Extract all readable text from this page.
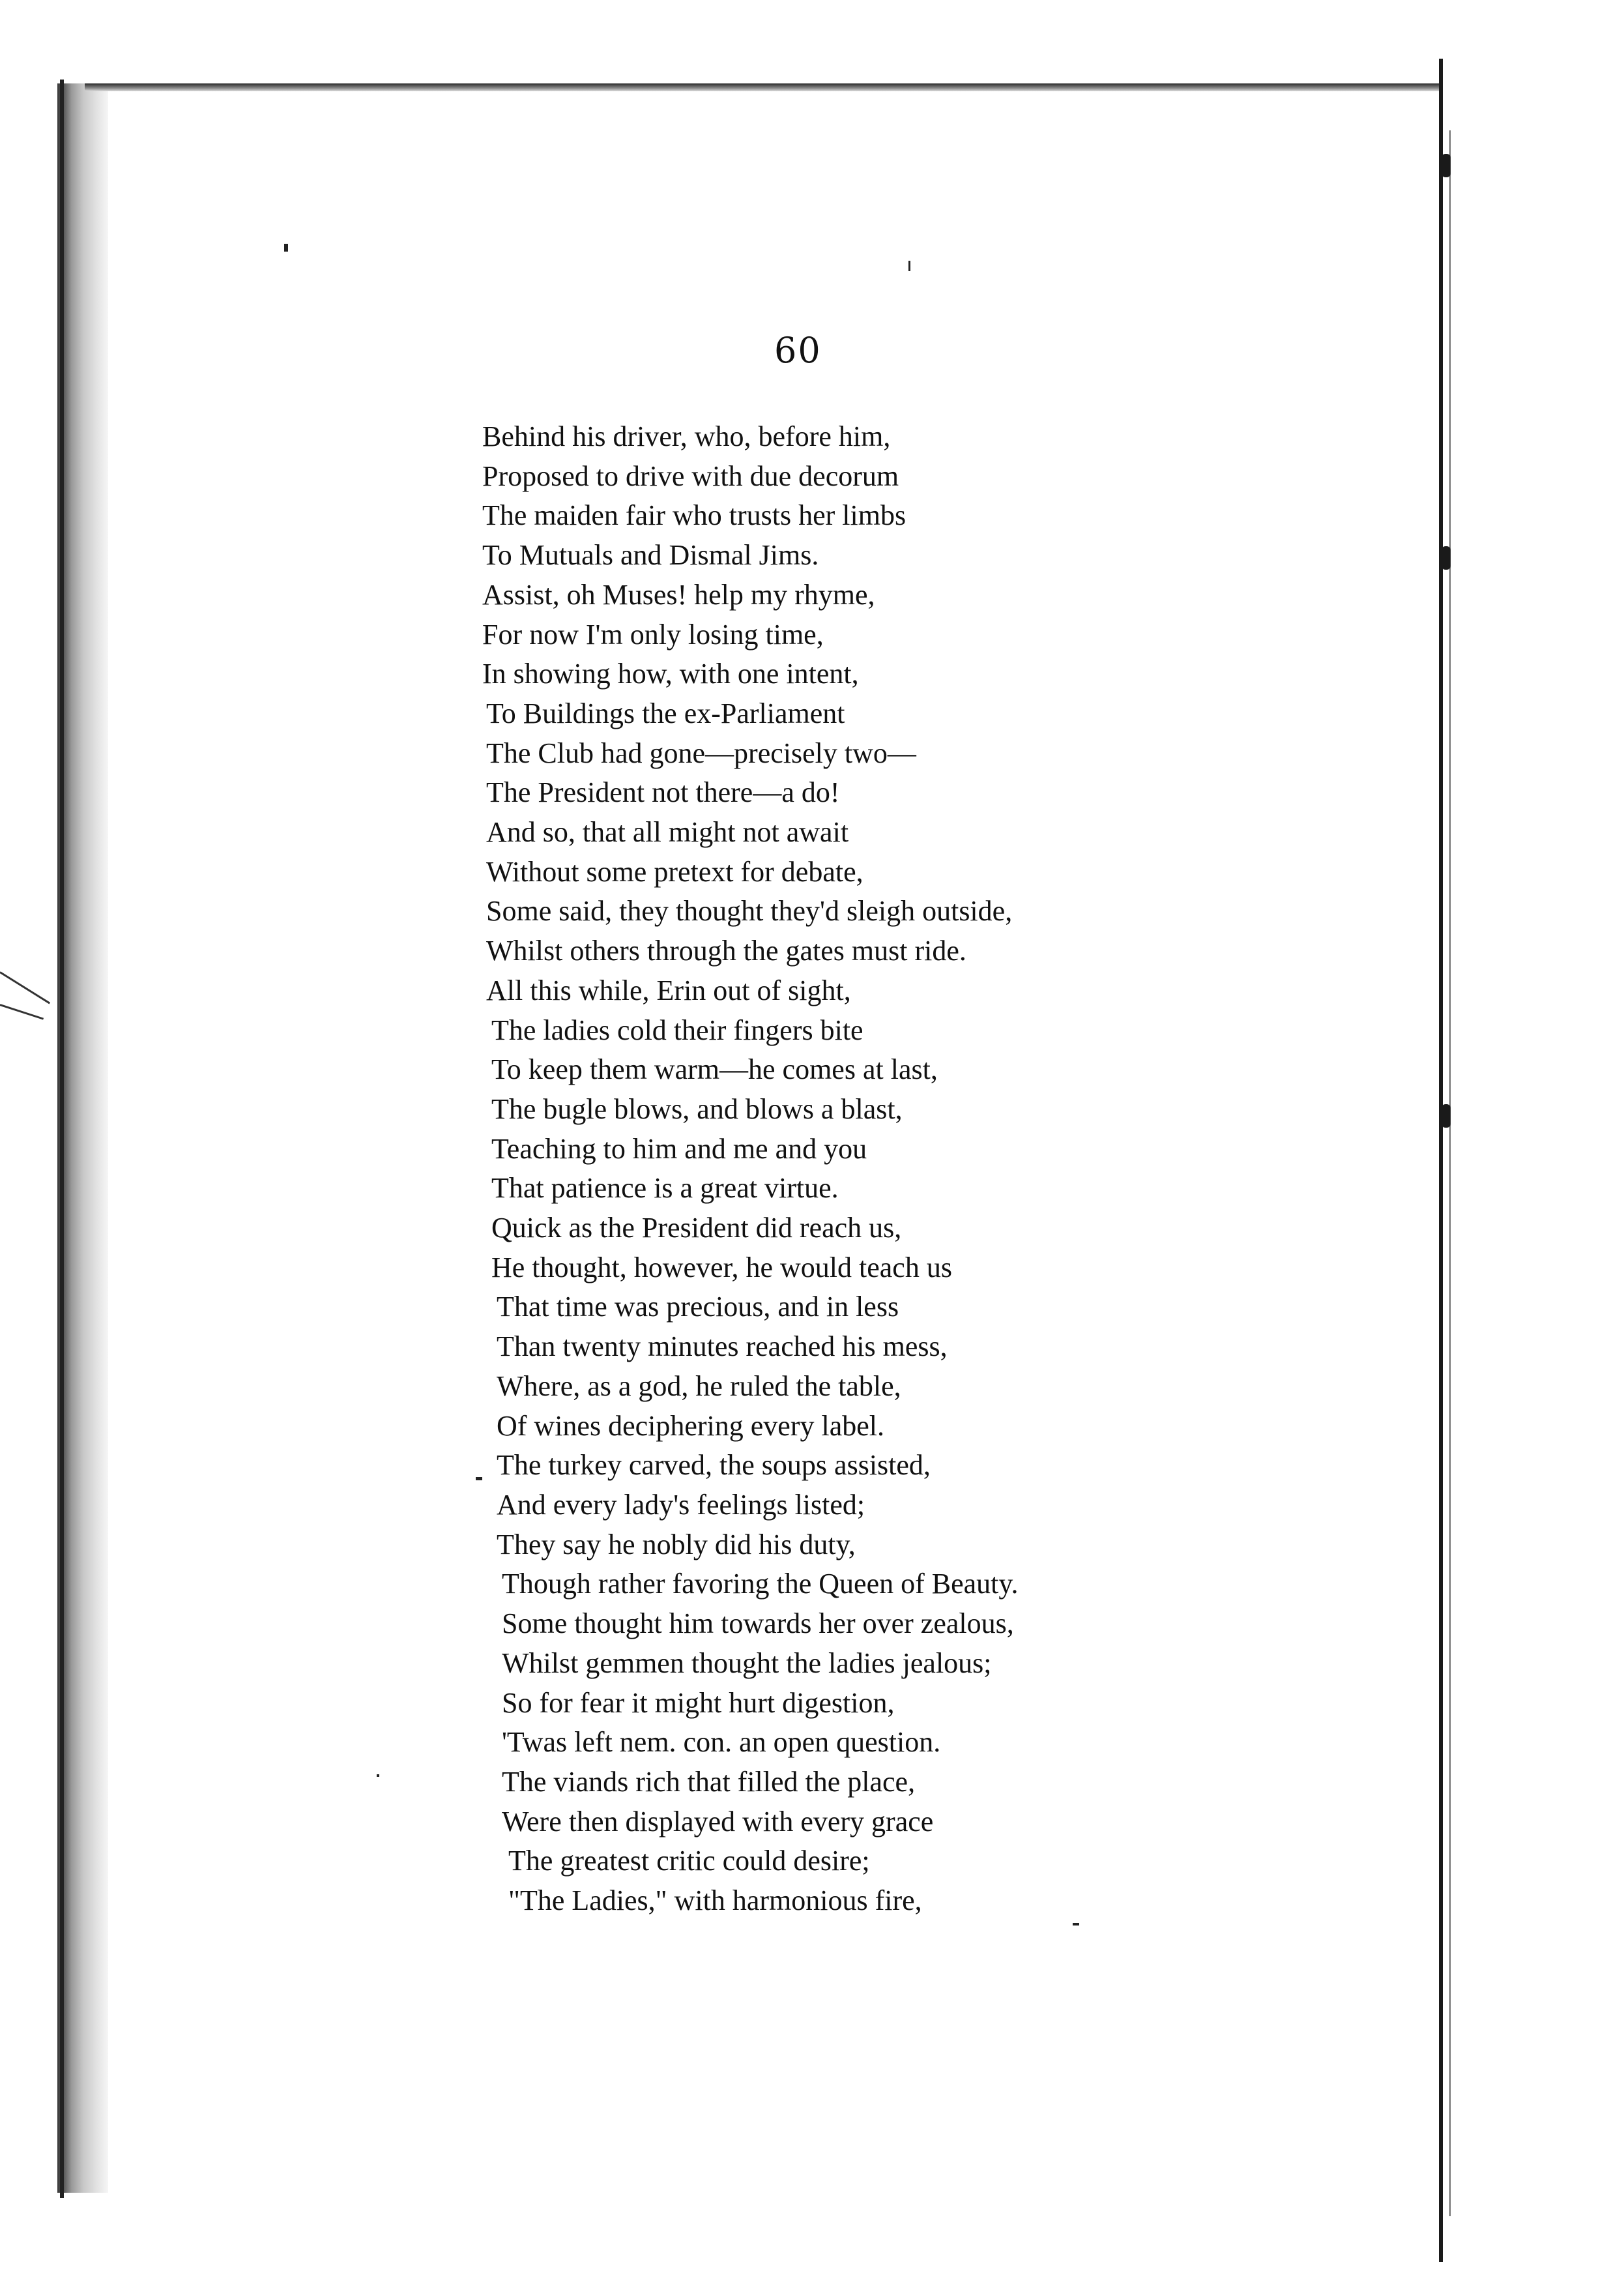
60
Behind his driver, who, before him,
Proposed to drive with due decorum
The maiden fair who trusts her limbs
To Mutuals and Dismal Jims.
Assist, oh Muses! help my rhyme,
For now I'm only losing time,
In showing how, with one intent,
To Buildings the ex-Parliament
The Club had gone—precisely two—
The President not there—a do!
And so, that all might not await
Without some pretext for debate,
Some said, they thought they'd sleigh outside,
Whilst others through the gates must ride.
All this while, Erin out of sight,
The ladies cold their fingers bite
To keep them warm—he comes at last,
The bugle blows, and blows a blast,
Teaching to him and me and you
That patience is a great virtue.
Quick as the President did reach us,
He thought, however, he would teach us
That time was precious, and in less
Than twenty minutes reached his mess,
Where, as a god, he ruled the table,
Of wines deciphering every label.
The turkey carved, the soups assisted,
And every lady's feelings listed;
They say he nobly did his duty,
Though rather favoring the Queen of Beauty.
Some thought him towards her over zealous,
Whilst gemmen thought the ladies jealous;
So for fear it might hurt digestion,
'Twas left nem. con. an open question.
The viands rich that filled the place,
Were then displayed with every grace
The greatest critic could desire;
"The Ladies," with harmonious fire,
